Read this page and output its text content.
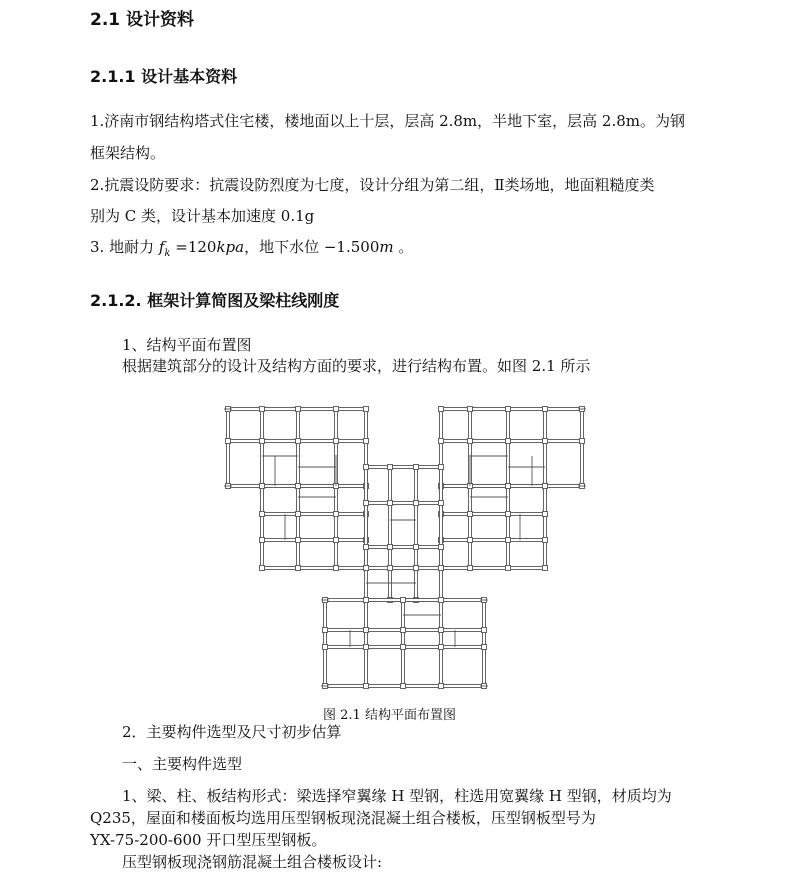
2.1 设计资料
2.1.1 设计基本资料
1.济南市钢结构塔式住宅楼，楼地面以上十层，层高 2.8m，半地下室，层高 2.8m。为钢
框架结构。
2.抗震设防要求：抗震设防烈度为七度，设计分组为第二组，Ⅱ类场地，地面粗糙度类
别为 C 类，设计基本加速度 0.1g
3. 地耐力 $f_k =120kpa$，地下水位 −1.500m 。
2.1.2. 框架计算简图及梁柱线刚度
1、结构平面布置图
根据建筑部分的设计及结构方面的要求，进行结构布置。如图 2.1 所示
图 2.1 结构平面布置图
2．主要构件选型及尺寸初步估算
一、主要构件选型
1、梁、柱、板结构形式：梁选择窄翼缘 H 型钢，柱选用宽翼缘 H 型钢，材质均为
Q235，屋面和楼面板均选用压型钢板现浇混凝土组合楼板，压型钢板型号为
YX-75-200-600 开口型压型钢板。
压型钢板现浇钢筋混凝土组合楼板设计:
